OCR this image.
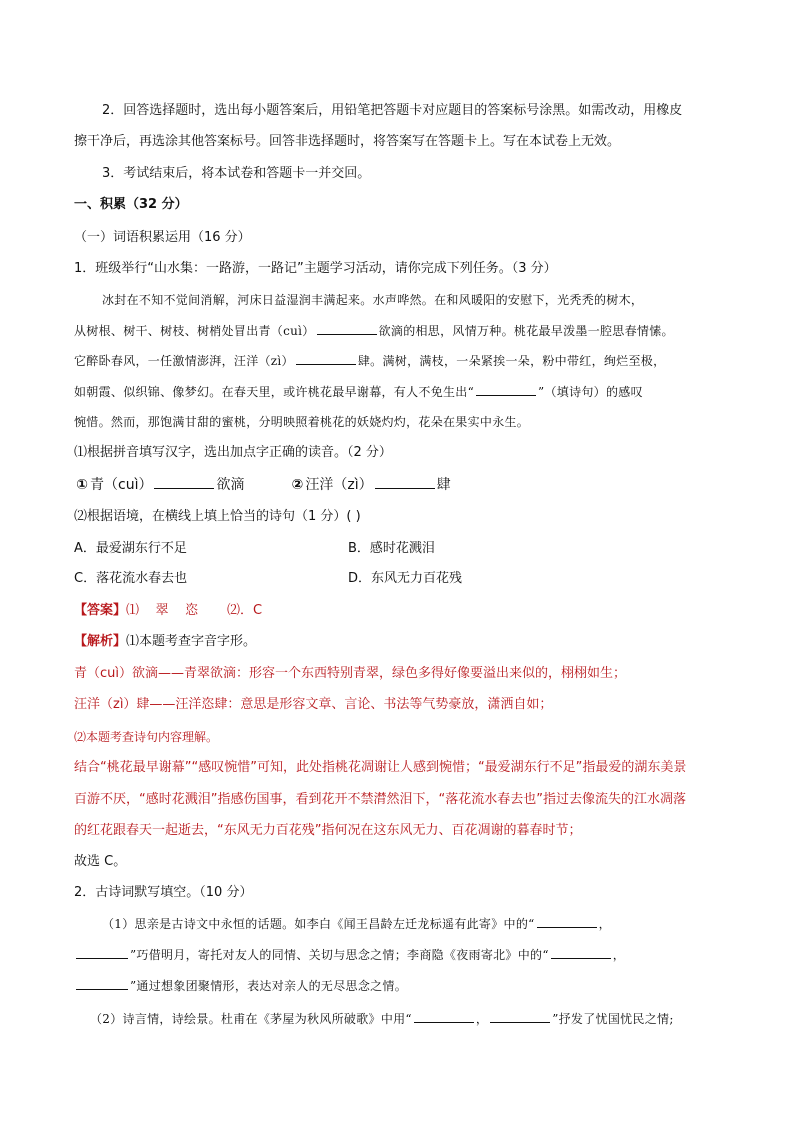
2．回答选择题时，选出每小题答案后，用铅笔把答题卡对应题目的答案标号涂黑。如需改动，用橡皮
擦干净后，再选涂其他答案标号。回答非选择题时，将答案写在答题卡上。写在本试卷上无效。
3．考试结束后，将本试卷和答题卡一并交回。
一、积累（32 分）
（一）词语积累运用（16 分）
1．班级举行“山水集：一路游，一路记”主题学习活动，请你完成下列任务。（3 分）
冰封在不知不觉间消解，河床日益湿润丰满起来。水声哗然。在和风暖阳的安慰下，光秃秃的树木，
从树根、树干、树枝、树梢处冒出青（cuì）	欲滴的相思，风情万种。桃花最早泼墨一腔思春情愫。
它醉卧春风，一任激情澎湃，汪洋（zì）	肆。满树，满枝，一朵紧挨一朵，粉中带红，绚烂至极，
如朝霞、似织锦、像梦幻。在春天里，或许桃花最早谢幕，有人不免生出“	”（填诗句）的感叹
惋惜。然而，那饱满甘甜的蜜桃，分明映照着桃花的妖娆灼灼，花朵在果实中永生。
⑴根据拼音填写汉字，选出加点字正确的读音。（2 分）
① 青（cuì）	欲滴	② 汪洋（zì）	肆
⑵根据语境，在横线上填上恰当的诗句（1 分）( )
A．最爱湖东行不足	B．感时花溅泪
C．落花流水春去也	D．东风无力百花残
【答案】⑴    翠    恣       ⑵．C
【解析】⑴本题考查字音字形。
青（cuì）欲滴——青翠欲滴：形容一个东西特别青翠，绿色多得好像要溢出来似的，栩栩如生；
汪洋（zì）肆——汪洋恣肆：意思是形容文章、言论、书法等气势豪放，潇洒自如；
⑵本题考查诗句内容理解。
结合“桃花最早谢幕”“感叹惋惜”可知，此处指桃花凋谢让人感到惋惜；“最爱湖东行不足”指最爱的湖东美景
百游不厌，“感时花溅泪”指感伤国事，看到花开不禁潸然泪下，“落花流水春去也”指过去像流失的江水凋落
的红花跟春天一起逝去，“东风无力百花残”指何况在这东风无力、百花凋谢的暮春时节；
故选 C。
2．古诗词默写填空。（10 分）
（1）思亲是古诗文中永恒的话题。如李白《闻王昌龄左迁龙标遥有此寄》中的“	，
”巧借明月，寄托对友人的同情、关切与思念之情；李商隐《夜雨寄北》中的“	，
”通过想象团聚情形，表达对亲人的无尽思念之情。
（2）诗言情，诗绘景。杜甫在《茅屋为秋风所破歌》中用“	，	”抒发了忧国忧民之情;
